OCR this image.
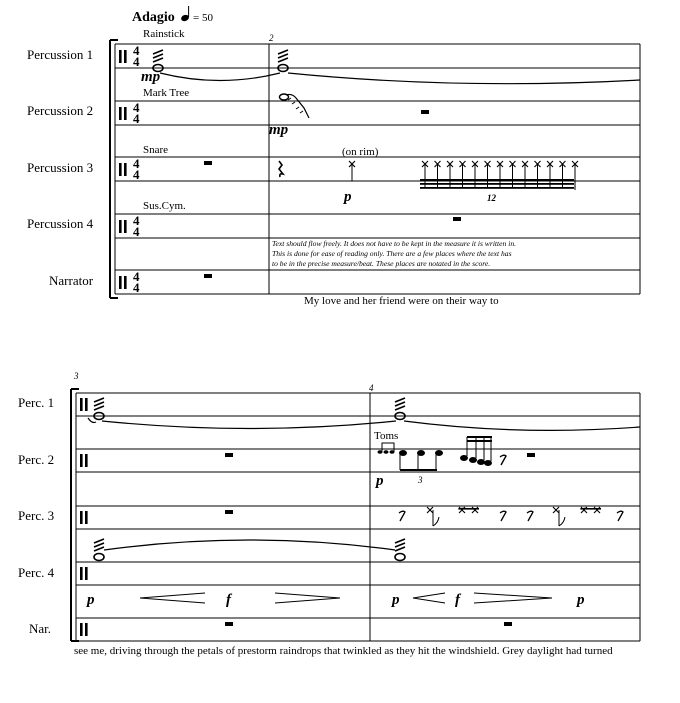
4
4	Adagio = 50
Percussion 1
Percussion 2
Percussion 3
Percussion 4
Narrator
Rainstick
Mark Tree
Snare
Sus.Cym.
2
mp
mp
(on rim)
p	12
Text should flow freely. It does not have to be kept in the measure it is written in.
This is done for ease of reading only. There are a few places where the text has
to be in the precise measure/beat. These places are notated in the score.
My love and her friend were on their way to
3
4
Perc. 1
Perc. 2
Perc. 3
Perc. 4
Nar.
Toms
3
p
p	f	p	f	p
see me, driving through the petals of prestorm raindrops that twinkled as they hit the windshield. Grey daylight had turned
